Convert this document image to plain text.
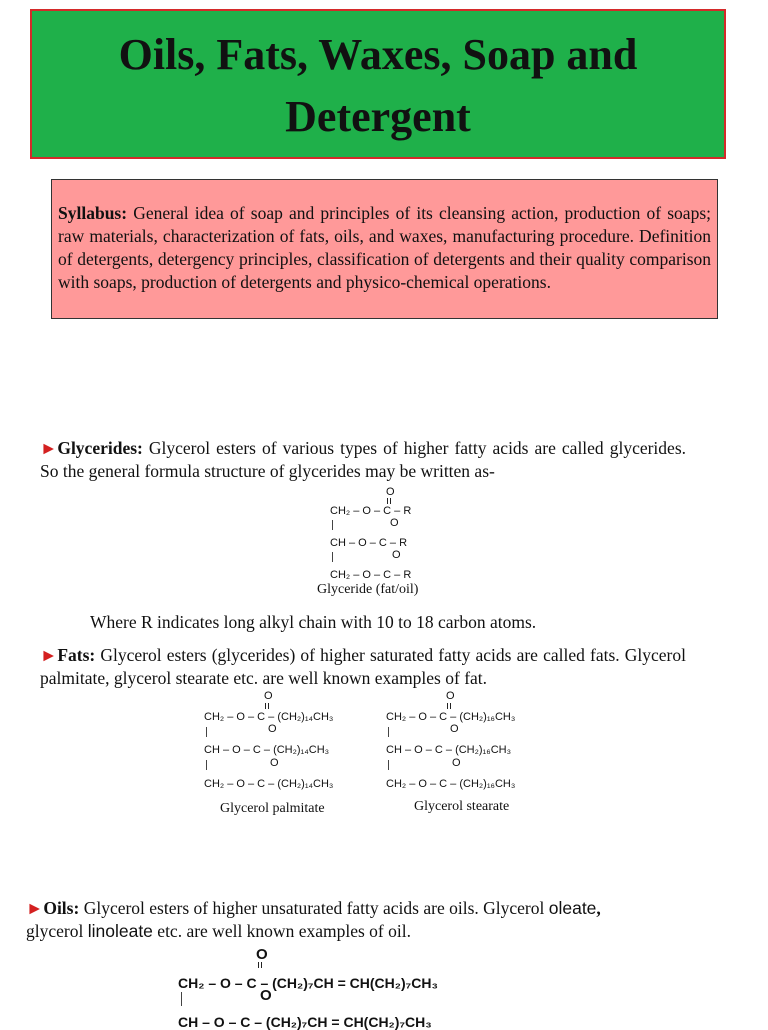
Oils, Fats, Waxes, Soap and
Detergent
Syllabus: General idea of soap and principles of its cleansing action, production of soaps; raw materials, characterization of fats, oils, and waxes, manufacturing procedure. Definition of detergents, detergency principles, classification of detergents and their quality comparison with soaps, production of detergents and physico-chemical operations.
►Glycerides: Glycerol esters of various types of higher fatty acids are called glycerides. So the general formula structure of glycerides may be written as-
O
CH₂ – O – C – R
O
CH – O – C – R
O
CH₂ – O – C – R
Glyceride (fat/oil)
Where R indicates long alkyl chain with 10 to 18 carbon atoms.
►Fats: Glycerol esters (glycerides) of higher saturated fatty acids are called fats. Glycerol palmitate, glycerol stearate etc. are well known examples of fat.
O
CH₂ – O – C – (CH₂)₁₄CH₃
O
CH – O – C – (CH₂)₁₄CH₃
O
CH₂ – O – C – (CH₂)₁₄CH₃
Glycerol palmitate
O
CH₂ – O – C – (CH₂)₁₆CH₃
O
CH – O – C – (CH₂)₁₆CH₃
O
CH₂ – O – C – (CH₂)₁₆CH₃
Glycerol stearate
►Oils: Glycerol esters of higher unsaturated fatty acids are oils. Glycerol oleate,
glycerol linoleate etc. are well known examples of oil.
O
CH₂ – O – C – (CH₂)₇CH = CH(CH₂)₇CH₃
O
CH – O – C – (CH₂)₇CH = CH(CH₂)₇CH₃
